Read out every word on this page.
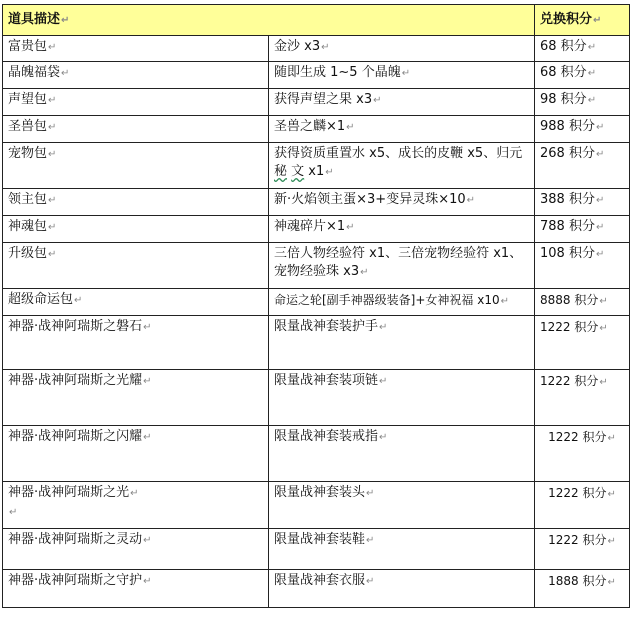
道具描述↵		兑换积分↵
富贵包↵	金沙 x3↵	68 积分↵
晶魄福袋↵	随即生成 1~5 个晶魄↵	68 积分↵
声望包↵	获得声望之果 x3↵	98 积分↵
圣兽包↵	圣兽之麟×1↵	988 积分↵
宠物包↵	获得资质重置水 x5、成长的皮鞭 x5、归元秘 文 x1↵	268 积分↵
领主包↵	新·火焰领主蛋×3+变异灵珠×10↵	388 积分↵
神魂包↵	神魂碎片×1↵	788 积分↵
升级包↵	三倍人物经验符 x1、三倍宠物经验符 x1、宠物经验珠 x3↵	108 积分↵
超级命运包↵	命运之轮[副手神器级装备]+女神祝福 x10↵	8888 积分↵
神器·战神阿瑞斯之磐石↵	限量战神套装护手↵	1222 积分↵
神器·战神阿瑞斯之光耀↵	限量战神套装项链↵	1222 积分↵
神器·战神阿瑞斯之闪耀↵	限量战神套装戒指↵	1222 积分↵
神器·战神阿瑞斯之光↵
↵	限量战神套装头↵	1222 积分↵
神器·战神阿瑞斯之灵动↵	限量战神套装鞋↵	1222 积分↵
神器·战神阿瑞斯之守护↵	限量战神套衣服↵	1888 积分↵
